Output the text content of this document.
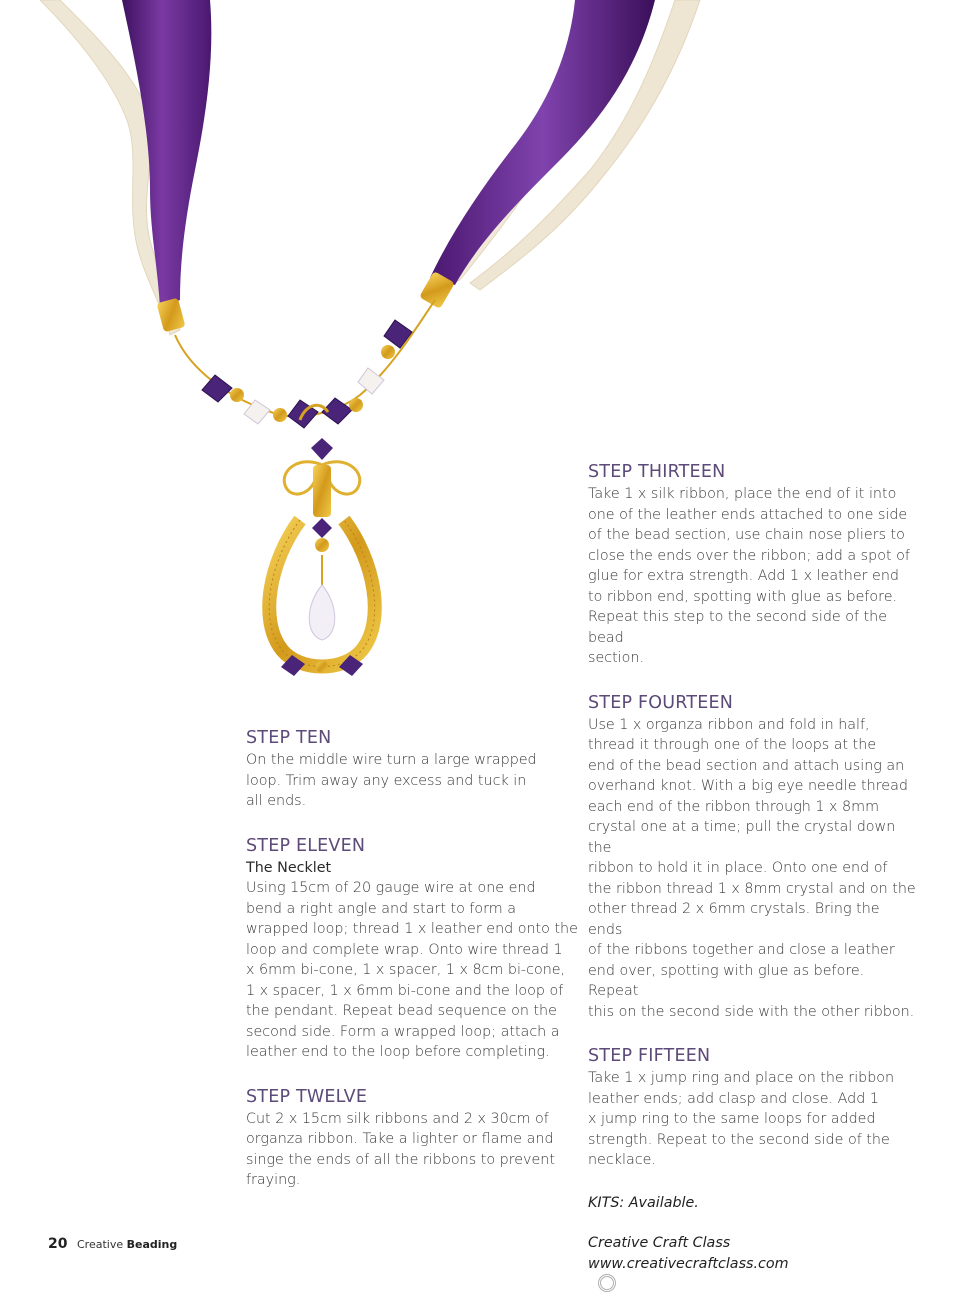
STEP TEN

On the middle wire turn a large wrapped
loop. Trim away any excess and tuck in
all ends.

STEP ELEVEN

The Necklet
Using 15cm of 20 gauge wire at one end
bend a right angle and start to form a
wrapped loop; thread 1 x leather end onto the
loop and complete wrap. Onto wire thread 1
x 6mm bi-cone, 1 x spacer, 1 x 8cm bi-cone,
1 x spacer, 1 x 6mm bi-cone and the loop of
the pendant. Repeat bead sequence on the
second side. Form a wrapped loop; attach a
leather end to the loop before completing.

STEP TWELVE

Cut 2 x 15cm silk ribbons and 2 x 30cm of
organza ribbon. Take a lighter or flame and
singe the ends of all the ribbons to prevent
fraying.

STEP THIRTEEN

Take 1 x silk ribbon, place the end of it into
one of the leather ends attached to one side
of the bead section, use chain nose pliers to
close the ends over the ribbon; add a spot of
glue for extra strength. Add 1 x leather end
to ribbon end, spotting with glue as before.
Repeat this step to the second side of the bead
section.

STEP FOURTEEN

Use 1 x organza ribbon and fold in half,
thread it through one of the loops at the
end of the bead section and attach using an
overhand knot. With a big eye needle thread
each end of the ribbon through 1 x 8mm
crystal one at a time; pull the crystal down the
ribbon to hold it in place. Onto one end of
the ribbon thread 1 x 8mm crystal and on the
other thread 2 x 6mm crystals. Bring the ends
of the ribbons together and close a leather
end over, spotting with glue as before. Repeat
this on the second side with the other ribbon.

STEP FIFTEEN

Take 1 x jump ring and place on the ribbon
leather ends; add clasp and close. Add 1
x jump ring to the same loops for added
strength. Repeat to the second side of the
necklace.

KITS: Available.

Creative Craft Class
www.creativecraftclass.com

20 Creative Beading
